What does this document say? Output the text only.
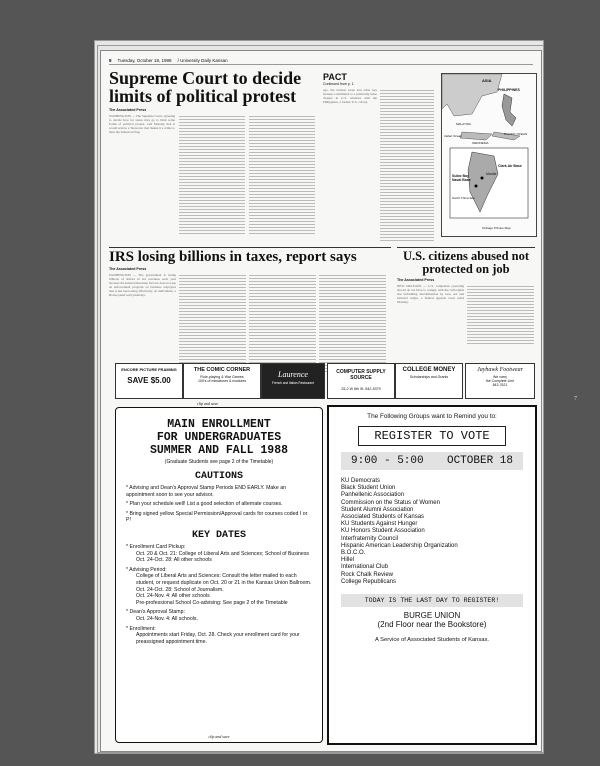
8 Tuesday, October 18, 1988 / University Daily Kansan
Supreme Court to decide limits of political protest
The Associated Press
WASHINGTON — The Supreme Court, agreeing to decide how far states may go to limit some forms of political protest, said Monday that it would review a Texas law that makes it a crime to burn the American flag.
PACT
Continued from p. 1
ago, the nuclear issue and other key features contributed to a politically tense chapter in U.S. relations with the Philippines, a former U.S. colony.
ASIA
PHILIPPINES
MALAYSIA
Indian Ocean
INDONESIA
PACIFIC OCEAN
Manila
Clark Air Base
Subic Bay Naval Base
South China Sea
Chicago Tribune Map
IRS losing billions in taxes, report says
The Associated Press
WASHINGTON — The government is losing billions of dollars in tax revenues each year because the Internal Revenue Service does not use an enforcement program on business taxpayers that it has been using effectively on individuals, a House panel said yesterday.
U.S. citizens abused not protected on job
The Associated Press
NEW ORLEANS — U.S. companies operating abroad do not have to comply with the civil-rights law forbidding discrimination by race, sex and national origin, a federal appeals court ruled Monday.
ENCORE PICTURE FRAMING
SAVE $5.00
THE COMIC CORNER
Role-playing & War Games
100's of miniatures & modules
Laurence
French and Italian Restaurant
COMPUTER SUPPLY SOURCE
25-2 W 6th St. 842-5379
COLLEGE MONEY
Scholarships and Grants
Jayhawk Footwear
We carry
the Complete Line
843-7621
clip and save
MAIN ENROLLMENT
FOR UNDERGRADUATES
SUMMER AND FALL 1988
(Graduate Students see page 2 of the Timetable)
CAUTIONS
* Advising and Dean's Approval Stamp Periods END EARLY. Make an appointment soon to see your advisor.
* Plan your schedule well! List a good selection of alternate courses.
* Bring signed yellow Special Permission/Approval cards for courses coded I or P!
KEY DATES
* Enrollment Card Pickup:
Oct. 20 & Oct. 21: College of Liberal Arts and Sciences; School of Business
Oct. 24-Oct. 28: All other schools
* Advising Period:
College of Liberal Arts and Sciences: Consult the letter mailed to each student, or request duplicate on Oct. 20 or 21 in the Kansas Union Ballroom.
Oct. 24-Oct. 28: School of Journalism.
Oct. 24-Nov. 4: All other schools
Pre-professional School Co-advising: See page 2 of the Timetable
* Dean's Approval Stamp:
Oct. 24-Nov. 4: All schools.
* Enrollment:
Appointments start Friday, Oct. 28. Check your enrollment card for your preassigned appointment time.
clip and save
The Following Groups want to Remind you to:
REGISTER TO VOTE
9:00 - 5:00 OCTOBER 18
KU Democrats
Black Student Union
Panhellenic Association
Commission on the Status of Women
Student Alumni Association
Associated Students of Kansas
KU Students Against Hunger
KU Honors Student Association
Interfraternity Council
Hispanic American Leadership Organization
B.O.C.O.
Hillel
International Club
Rock Chalk Review
College Republicans
TODAY IS THE LAST DAY TO REGISTER!
BURGE UNION
(2nd Floor near the Bookstore)
A Service of Associated Students of Kansas.
7
